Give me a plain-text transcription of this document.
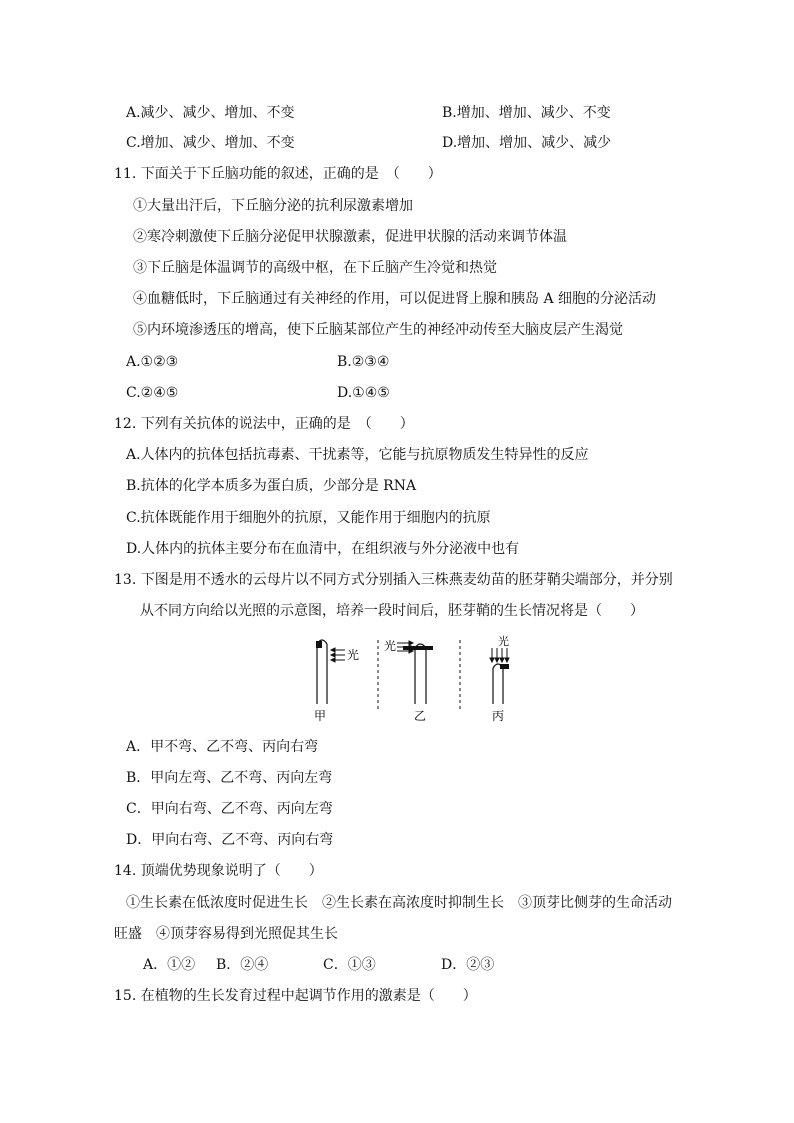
A.减少、减少、增加、不变	B.增加、增加、减少、不变
C.增加、减少、增加、不变	D.增加、增加、减少、减少
11. 下面关于下丘脑功能的叙述，正确的是　（　　）
①大量出汗后，下丘脑分泌的抗利尿激素增加
②寒冷刺激使下丘脑分泌促甲状腺激素，促进甲状腺的活动来调节体温
③下丘脑是体温调节的高级中枢，在下丘脑产生冷觉和热觉
④血糖低时，下丘脑通过有关神经的作用，可以促进肾上腺和胰岛 A 细胞的分泌活动
⑤内环境渗透压的增高，使下丘脑某部位产生的神经冲动传至大脑皮层产生渴觉
A.①②③	B.②③④
C.②④⑤	D.①④⑤
12. 下列有关抗体的说法中，正确的是　（　　）
A.人体内的抗体包括抗毒素、干扰素等，它能与抗原物质发生特异性的反应
B.抗体的化学本质多为蛋白质，少部分是 RNA
C.抗体既能作用于细胞外的抗原，又能作用于细胞内的抗原
D.人体内的抗体主要分布在血清中，在组织液与外分泌液中也有
13. 下图是用不透水的云母片以不同方式分别插入三株燕麦幼苗的胚芽鞘尖端部分，并分别
从不同方向给以光照的示意图，培养一段时间后，胚芽鞘的生长情况将是（　　）
光
光	光
甲	乙	丙
A．甲不弯、乙不弯、丙向右弯
B．甲向左弯、乙不弯、丙向左弯
C．甲向右弯、乙不弯、丙向左弯
D．甲向右弯、乙不弯、丙向右弯
14. 顶端优势现象说明了（　　）
①生长素在低浓度时促进生长　②生长素在高浓度时抑制生长　③顶芽比侧芽的生命活动
旺盛　④顶芽容易得到光照促其生长
A．①② B．②④	C．①③	D．②③
15. 在植物的生长发育过程中起调节作用的激素是（　　）
